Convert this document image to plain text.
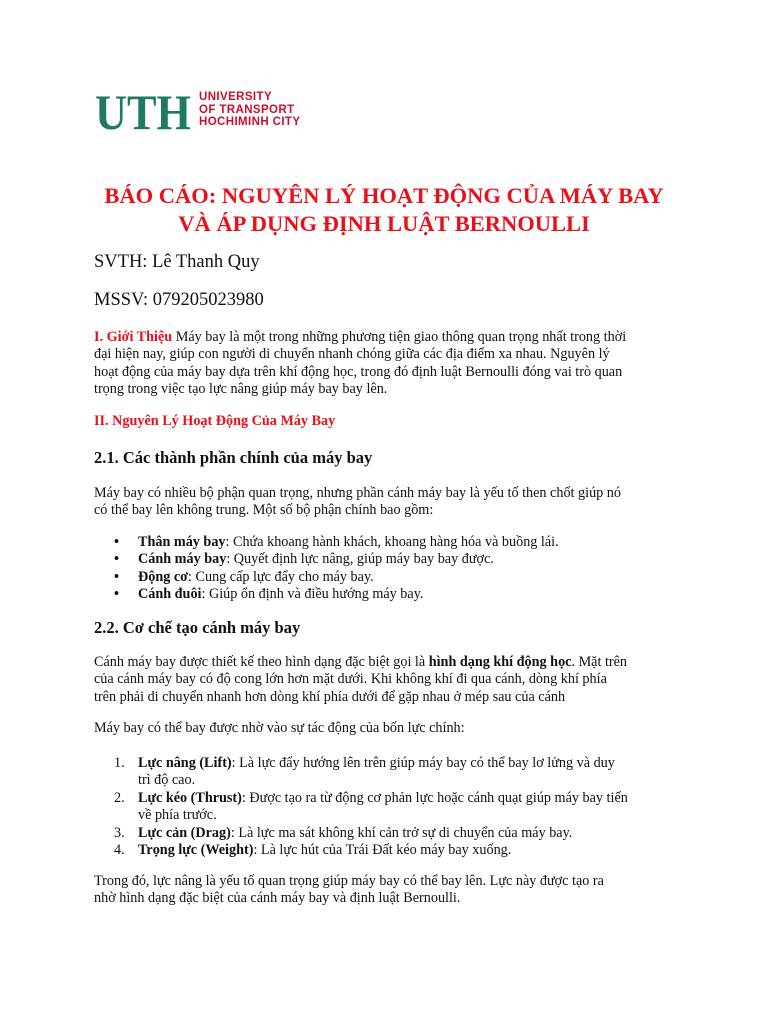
UTH UNIVERSITY
OF TRANSPORT
HOCHIMINH CITY
BÁO CÁO: NGUYÊN LÝ HOẠT ĐỘNG CỦA MÁY BAY
VÀ ÁP DỤNG ĐỊNH LUẬT BERNOULLI

SVTH: Lê Thanh Quy

MSSV: 079205023980

I. Giới Thiệu Máy bay là một trong những phương tiện giao thông quan trọng nhất trong thời
đại hiện nay, giúp con người di chuyển nhanh chóng giữa các địa điểm xa nhau. Nguyên lý
hoạt động của máy bay dựa trên khí động học, trong đó định luật Bernoulli đóng vai trò quan
trọng trong việc tạo lực nâng giúp máy bay bay lên.

II. Nguyên Lý Hoạt Động Của Máy Bay

2.1. Các thành phần chính của máy bay

Máy bay có nhiều bộ phận quan trọng, nhưng phần cánh máy bay là yếu tố then chốt giúp nó
có thể bay lên không trung. Một số bộ phận chính bao gồm:
• Thân máy bay: Chứa khoang hành khách, khoang hàng hóa và buồng lái.
• Cánh máy bay: Quyết định lực nâng, giúp máy bay bay được.
• Động cơ: Cung cấp lực đẩy cho máy bay.
• Cánh đuôi: Giúp ổn định và điều hướng máy bay.

2.2. Cơ chế tạo cánh máy bay

Cánh máy bay được thiết kế theo hình dạng đặc biệt gọi là hình dạng khí động học. Mặt trên
của cánh máy bay có độ cong lớn hơn mặt dưới. Khi không khí đi qua cánh, dòng khí phía
trên phải di chuyển nhanh hơn dòng khí phía dưới để gặp nhau ở mép sau của cánh
Máy bay có thể bay được nhờ vào sự tác động của bốn lực chính:
1. Lực nâng (Lift): Là lực đẩy hướng lên trên giúp máy bay có thể bay lơ lửng và duy
trì độ cao.
2. Lực kéo (Thrust): Được tạo ra từ động cơ phản lực hoặc cánh quạt giúp máy bay tiến
về phía trước.
3. Lực cản (Drag): Là lực ma sát không khí cản trở sự di chuyển của máy bay.
4. Trọng lực (Weight): Là lực hút của Trái Đất kéo máy bay xuống.
Trong đó, lực nâng là yếu tố quan trọng giúp máy bay có thể bay lên. Lực này được tạo ra
nhờ hình dạng đặc biệt của cánh máy bay và định luật Bernoulli.
